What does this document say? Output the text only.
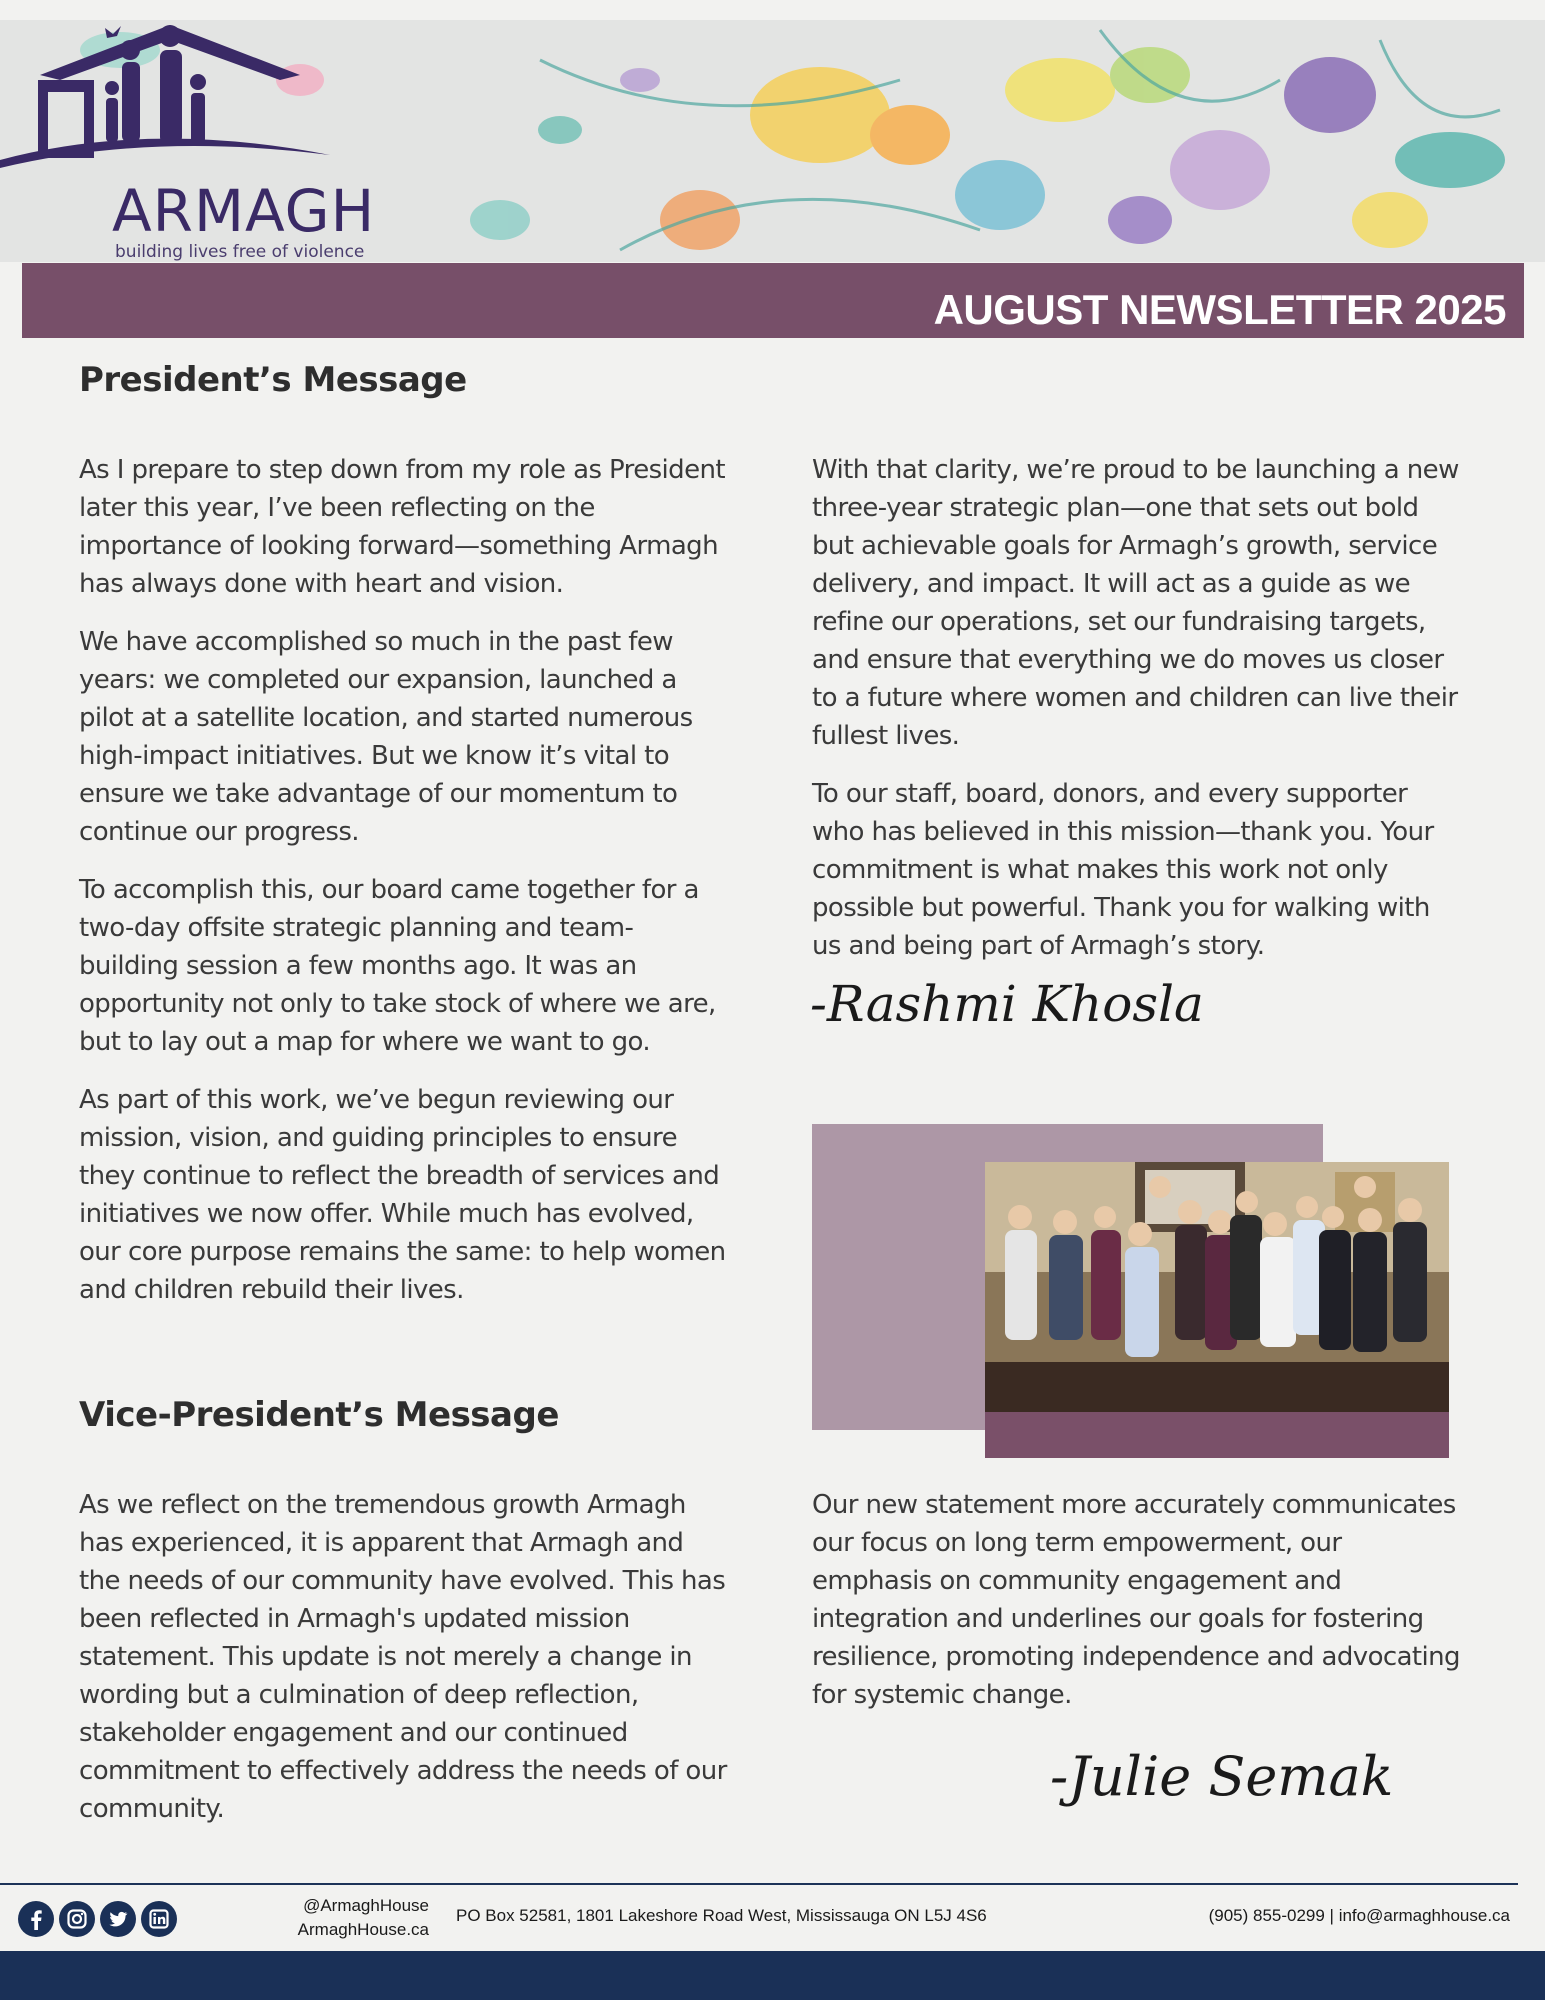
ARMAGH
building lives free of violence
AUGUST NEWSLETTER 2025
President’s Message

As I prepare to step down from my role as President later this year, I’ve been reflecting on the importance of looking forward—something Armagh has always done with heart and vision.

We have accomplished so much in the past few years: we completed our expansion, launched a pilot at a satellite location, and started numerous high-impact initiatives. But we know it’s vital to ensure we take advantage of our momentum to continue our progress.

To accomplish this, our board came together for a two-day offsite strategic planning and team-building session a few months ago. It was an opportunity not only to take stock of where we are, but to lay out a map for where we want to go.

As part of this work, we’ve begun reviewing our mission, vision, and guiding principles to ensure they continue to reflect the breadth of services and initiatives we now offer. While much has evolved, our core purpose remains the same: to help women and children rebuild their lives.

With that clarity, we’re proud to be launching a new three-year strategic plan—one that sets out bold but achievable goals for Armagh’s growth, service delivery, and impact. It will act as a guide as we refine our operations, set our fundraising targets, and ensure that everything we do moves us closer to a future where women and children can live their fullest lives.

To our staff, board, donors, and every supporter who has believed in this mission—thank you. Your commitment is what makes this work not only possible but powerful. Thank you for walking with us and being part of Armagh’s story.

-Rashmi Khosla
Vice-President’s Message

As we reflect on the tremendous growth Armagh has experienced, it is apparent that Armagh and the needs of our community have evolved. This has been reflected in Armagh's updated mission statement. This update is not merely a change in wording but a culmination of deep reflection, stakeholder engagement and our continued commitment to effectively address the needs of our community.

Our new statement more accurately communicates our focus on long term empowerment, our emphasis on community engagement and integration and underlines our goals for fostering resilience, promoting independence and advocating for systemic change.

-Julie Semak
@ArmaghHouse
ArmaghHouse.ca
PO Box 52581, 1801 Lakeshore Road West, Mississauga ON L5J 4S6	(905) 855-0299 | info@armaghhouse.ca
